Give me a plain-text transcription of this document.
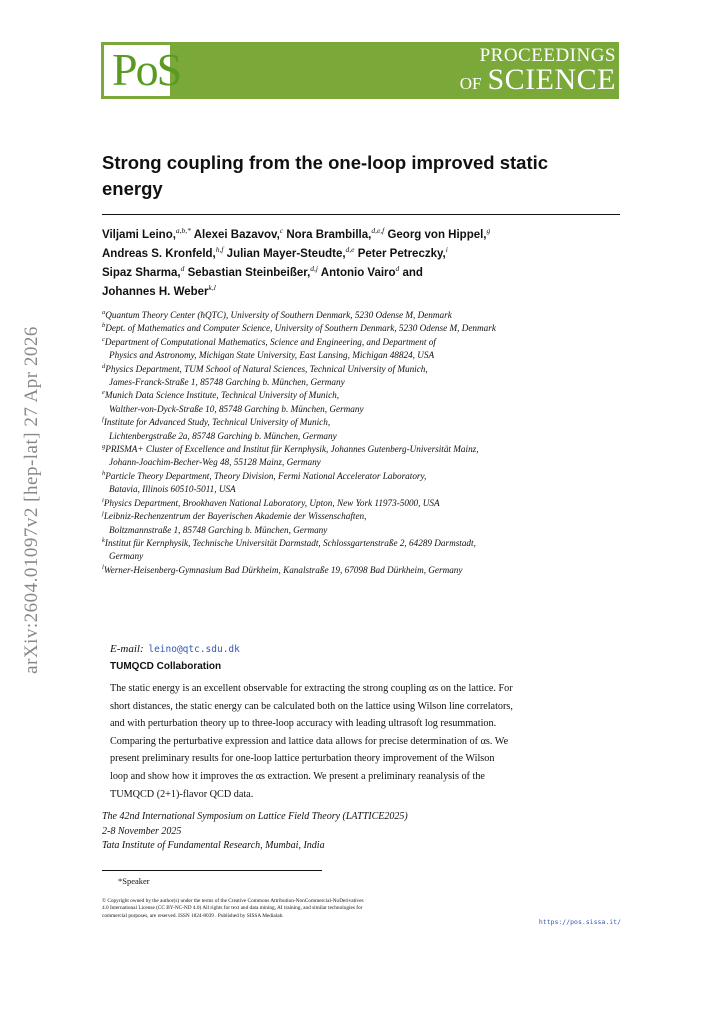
PoS	PROCEEDINGS
OF SCIENCE
arXiv:2604.01097v2 [hep-lat] 27 Apr 2026
Strong coupling from the one-loop improved static energy
Viljami Leino,$^{a,b,*}$ Alexei Bazavov,$^c$ Nora Brambilla,$^{d,e,f}$ Georg von Hippel,$^g$
Andreas S. Kronfeld,$^{h,f}$ Julian Mayer-Steudte,$^{d,e}$ Peter Petreczky,$^i$
Sipaz Sharma,$^d$ Sebastian Steinbeißer,$^{d,j}$ Antonio Vairo$^d$ and
Johannes H. Weber$^{k,l}$
$^a$Quantum Theory Center (ħQTC), University of Southern Denmark, 5230 Odense M, Denmark
$^b$Dept. of Mathematics and Computer Science, University of Southern Denmark, 5230 Odense M, Denmark
$^c$Department of Computational Mathematics, Science and Engineering, and Department of
Physics and Astronomy, Michigan State University, East Lansing, Michigan 48824, USA
$^d$Physics Department, TUM School of Natural Sciences, Technical University of Munich,
James-Franck-Straße 1, 85748 Garching b. München, Germany
$^e$Munich Data Science Institute, Technical University of Munich,
Walther-von-Dyck-Straße 10, 85748 Garching b. München, Germany
$^f$Institute for Advanced Study, Technical University of Munich,
Lichtenbergstraße 2a, 85748 Garching b. München, Germany
$^g$PRISMA+ Cluster of Excellence and Institut für Kernphysik, Johannes Gutenberg-Universität Mainz,
Johann-Joachim-Becher-Weg 48, 55128 Mainz, Germany
$^h$Particle Theory Department, Theory Division, Fermi National Accelerator Laboratory,
Batavia, Illinois 60510-5011, USA
$^i$Physics Department, Brookhaven National Laboratory, Upton, New York 11973-5000, USA
$^j$Leibniz-Rechenzentrum der Bayerischen Akademie der Wissenschaften,
Boltzmannstraße 1, 85748 Garching b. München, Germany
$^k$Institut für Kernphysik, Technische Universität Darmstadt, Schlossgartenstraße 2, 64289 Darmstadt,
Germany
$^l$Werner-Heisenberg-Gymnasium Bad Dürkheim, Kanalstraße 19, 67098 Bad Dürkheim, Germany
E-mail: leino@qtc.sdu.dk
TUMQCD Collaboration

The static energy is an excellent observable for extracting the strong coupling αs on the lattice. For

short distances, the static energy can be calculated both on the lattice using Wilson line correlators,

and with perturbation theory up to three-loop accuracy with leading ultrasoft log resummation.

Comparing the perturbative expression and lattice data allows for precise determination of αs. We

present preliminary results for one-loop lattice perturbation theory improvement of the Wilson

loop and show how it improves the αs extraction. We present a preliminary reanalysis of the

TUMQCD (2+1)-flavor QCD data.

The 42nd International Symposium on Lattice Field Theory (LATTICE2025)
2-8 November 2025
Tata Institute of Fundamental Research, Mumbai, India
*Speaker
© Copyright owned by the author(s) under the terms of the Creative Commons Attribution-NonCommercial-NoDerivatives
4.0 International License (CC BY-NC-ND 4.0) All rights for text and data mining, AI training, and similar technologies for
commercial purposes, are reserved. ISSN 1824-8039 . Published by SISSA Medialab.
https://pos.sissa.it/
